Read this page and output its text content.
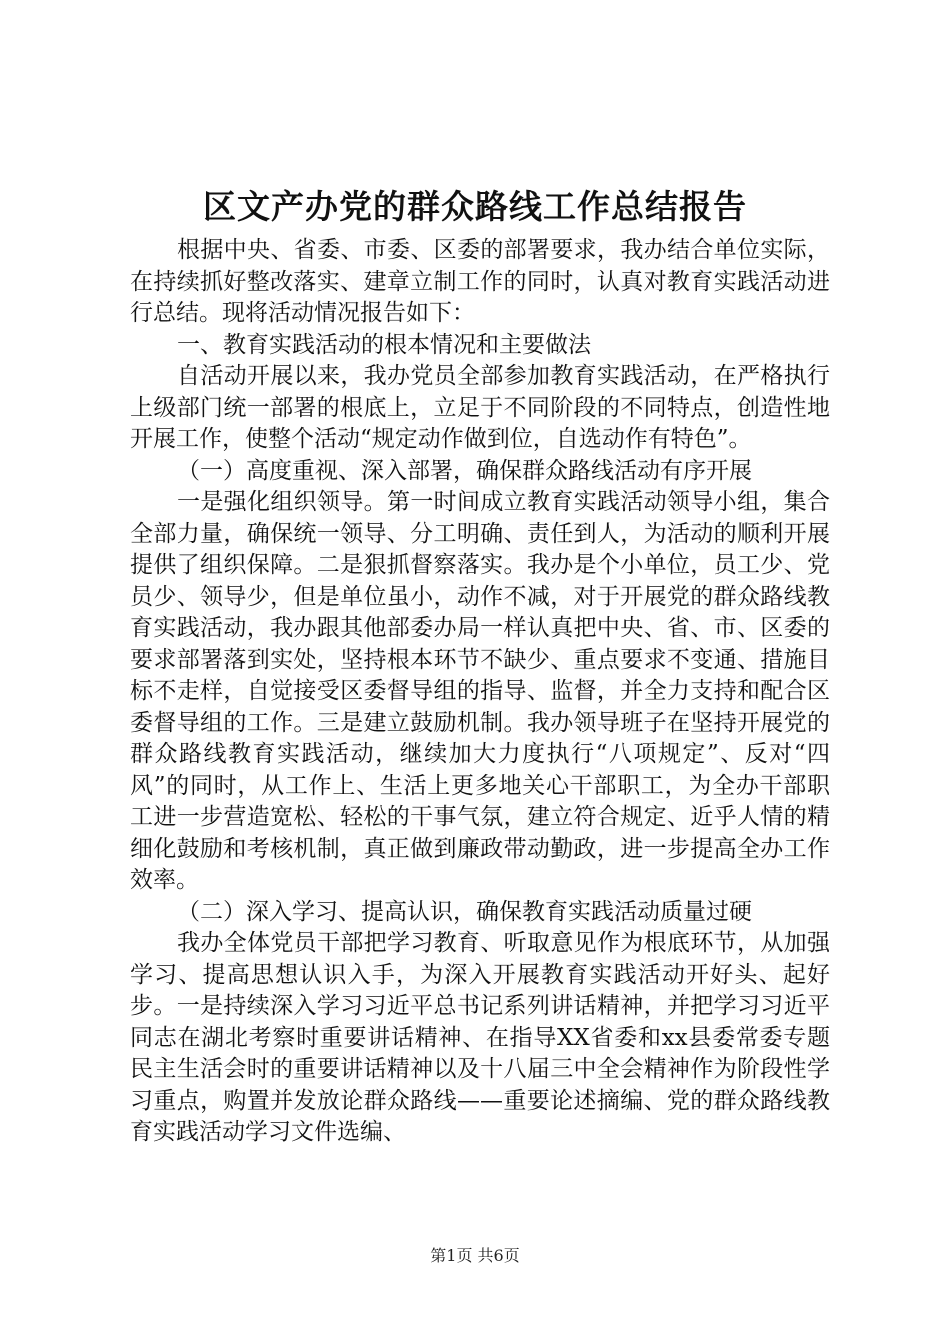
区文产办党的群众路线工作总结报告

根据中央、省委、市委、区委的部署要求，我办结合单位实际，在持续抓好整改落实、建章立制工作的同时，认真对教育实践活动进行总结。现将活动情况报告如下：

一、教育实践活动的根本情况和主要做法

自活动开展以来，我办党员全部参加教育实践活动，在严格执行上级部门统一部署的根底上，立足于不同阶段的不同特点，创造性地开展工作，使整个活动“规定动作做到位，自选动作有特色”。

（一）高度重视、深入部署，确保群众路线活动有序开展

一是强化组织领导。第一时间成立教育实践活动领导小组，集合全部力量，确保统一领导、分工明确、责任到人，为活动的顺利开展提供了组织保障。二是狠抓督察落实。我办是个小单位，员工少、党员少、领导少，但是单位虽小，动作不减，对于开展党的群众路线教育实践活动，我办跟其他部委办局一样认真把中央、省、市、区委的要求部署落到实处，坚持根本环节不缺少、重点要求不变通、措施目标不走样，自觉接受区委督导组的指导、监督，并全力支持和配合区委督导组的工作。三是建立鼓励机制。我办领导班子在坚持开展党的群众路线教育实践活动，继续加大力度执行“八项规定”、反对“四风”的同时，从工作上、生活上更多地关心干部职工，为全办干部职工进一步营造宽松、轻松的干事气氛，建立符合规定、近乎人情的精细化鼓励和考核机制，真正做到廉政带动勤政，进一步提高全办工作效率。

（二）深入学习、提高认识，确保教育实践活动质量过硬

我办全体党员干部把学习教育、听取意见作为根底环节，从加强学习、提高思想认识入手，为深入开展教育实践活动开好头、起好步。一是持续深入学习习近平总书记系列讲话精神，并把学习习近平同志在湖北考察时重要讲话精神、在指导XX省委和xx县委常委专题民主生活会时的重要讲话精神以及十八届三中全会精神作为阶段性学习重点，购置并发放论群众路线——重要论述摘编、党的群众路线教育实践活动学习文件选编、

第1页 共6页
